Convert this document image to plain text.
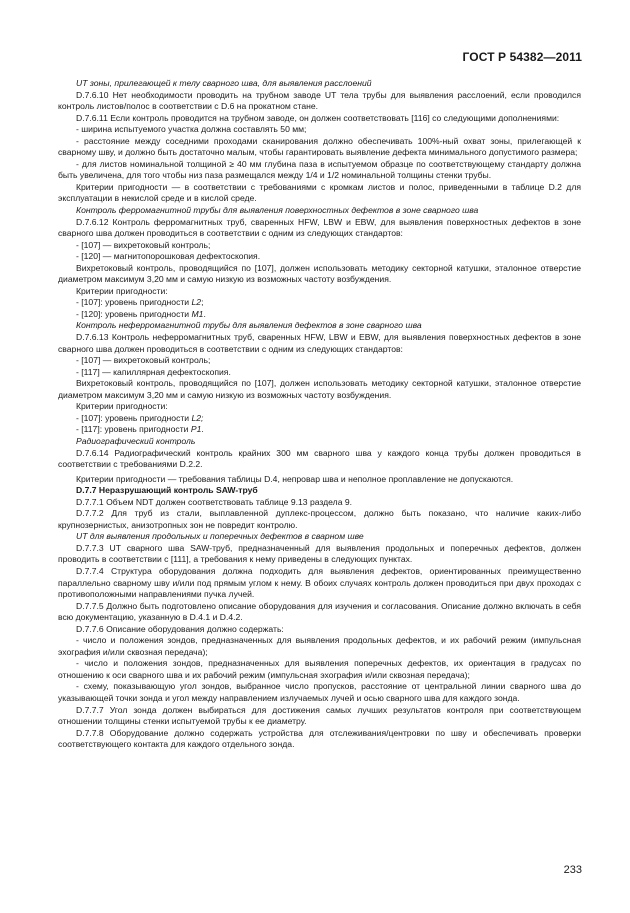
ГОСТ Р 54382—2011

UT зоны, прилегающей к телу сварного шва, для выявления расслоений

D.7.6.10 Нет необходимости проводить на трубном заводе UT тела трубы для выявления расслоений, если проводился контроль листов/полос в соответствии с D.6 на прокатном стане.

D.7.6.11 Если контроль проводится на трубном заводе, он должен соответствовать [116] со следующими дополнениями:

- ширина испытуемого участка должна составлять 50 мм;

- расстояние между соседними проходами сканирования должно обеспечивать 100%-ный охват зоны, прилегающей к сварному шву, и должно быть достаточно малым, чтобы гарантировать выявление дефекта минимального допустимого размера;

- для листов номинальной толщиной ≥ 40 мм глубина паза в испытуемом образце по соответствующему стандарту должна быть увеличена, для того чтобы низ паза размещался между 1/4 и 1/2 номинальной толщины стенки трубы.

Критерии пригодности — в соответствии с требованиями с кромкам листов и полос, приведенными в таблице D.2 для эксплуатации в некислой среде и в кислой среде.

Контроль ферромагнитной трубы для выявления поверхностных дефектов в зоне сварного шва

D.7.6.12 Контроль ферромагнитных труб, сваренных HFW, LBW и EBW, для выявления поверхностных дефектов в зоне сварного шва должен проводиться в соответствии с одним из следующих стандартов:

- [107] — вихретоковый контроль;

- [120] — магнитопорошковая дефектоскопия.

Вихретоковый контроль, проводящийся по [107], должен использовать методику секторной катушки, эталонное отверстие диаметром максимум 3,20 мм и самую низкую из возможных частоту возбуждения.

Критерии пригодности:

- [107]: уровень пригодности L2;

- [120]: уровень пригодности M1.

Контроль неферромагнитной трубы для выявления дефектов в зоне сварного шва

D.7.6.13 Контроль неферромагнитных труб, сваренных HFW, LBW и EBW, для выявления поверхностных дефектов в зоне сварного шва должен проводиться в соответствии с одним из следующих стандартов:

- [107] — вихретоковый контроль;

- [117] — капиллярная дефектоскопия.

Вихретоковый контроль, проводящийся по [107], должен использовать методику секторной катушки, эталонное отверстие диаметром максимум 3,20 мм и самую низкую из возможных частоту возбуждения.

Критерии пригодности:

- [107]: уровень пригодности L2;

- [117]: уровень пригодности P1.

Радиографический контроль

D.7.6.14 Радиографический контроль крайних 300 мм сварного шва у каждого конца трубы должен проводиться в соответствии с требованиями D.2.2.

Критерии пригодности — требования таблицы D.4, непровар шва и неполное проплавление не допускаются.

D.7.7 Неразрушающий контроль SAW-труб

D.7.7.1 Объем NDT должен соответствовать таблице 9.13 раздела 9.

D.7.7.2 Для труб из стали, выплавленной дуплекс-процессом, должно быть показано, что наличие каких-либо крупнозернистых, анизотропных зон не повредит контролю.

UT для выявления продольных и поперечных дефектов в сварном шве

D.7.7.3 UT сварного шва SAW-труб, предназначенный для выявления продольных и поперечных дефектов, должен проводить в соответствии с [111], а требования к нему приведены в следующих пунктах.

D.7.7.4 Структура оборудования должна подходить для выявления дефектов, ориентированных преимущественно параллельно сварному шву и/или под прямым углом к нему. В обоих случаях контроль должен проводиться при двух проходах с противоположными направлениями пучка лучей.

D.7.7.5 Должно быть подготовлено описание оборудования для изучения и согласования. Описание должно включать в себя всю документацию, указанную в D.4.1 и D.4.2.

D.7.7.6 Описание оборудования должно содержать:

- число и положения зондов, предназначенных для выявления продольных дефектов, и их рабочий режим (импульсная эхография и/или сквозная передача);

- число и положения зондов, предназначенных для выявления поперечных дефектов, их ориентация в градусах по отношению к оси сварного шва и их рабочий режим (импульсная эхография и/или сквозная передача);

- схему, показывающую угол зондов, выбранное число пропусков, расстояние от центральной линии сварного шва до указывающей точки зонда и угол между направлением излучаемых лучей и осью сварного шва для каждого зонда.

D.7.7.7 Угол зонда должен выбираться для достижения самых лучших результатов контроля при соответствующем отношении толщины стенки испытуемой трубы к ее диаметру.

D.7.7.8 Оборудование должно содержать устройства для отслеживания/центровки по шву и обеспечивать проверки соответствующего контакта для каждого отдельного зонда.

233
